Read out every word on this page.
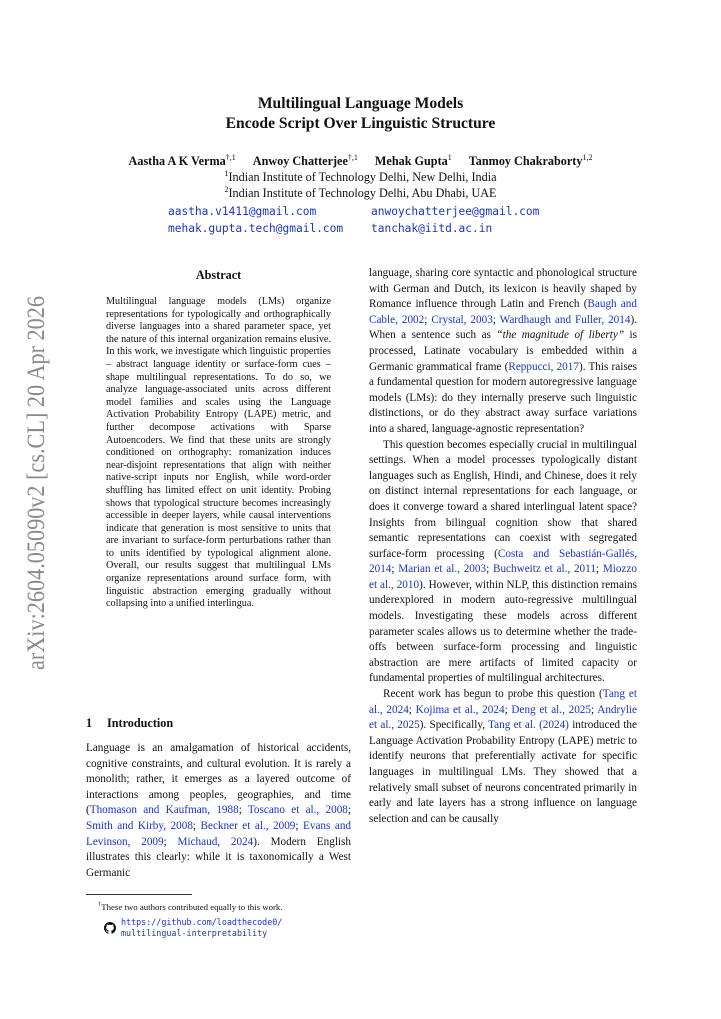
arXiv:2604.05090v2 [cs.CL] 20 Apr 2026
Multilingual Language Models
Encode Script Over Linguistic Structure
Aastha A K Verma$^{\dagger,1}$ Anwoy Chatterjee$^{\dagger,1}$ Mehak Gupta$^1$ Tanmoy Chakraborty$^{1,2}$
$^1$Indian Institute of Technology Delhi, New Delhi, India
$^2$Indian Institute of Technology Delhi, Abu Dhabi, UAE
aastha.v1411@gmail.com	anwoychatterjee@gmail.com
mehak.gupta.tech@gmail.com tanchak@iitd.ac.in
Abstract
Multilingual language models (LMs) organize representations for typologically and orthographically diverse languages into a shared parameter space, yet the nature of this internal organization remains elusive. In this work, we investigate which linguistic properties – abstract language identity or surface-form cues – shape multilingual representations. To do so, we analyze language-associated units across different model families and scales using the Language Activation Probability Entropy (LAPE) metric, and further decompose activations with Sparse Autoencoders. We find that these units are strongly conditioned on orthography: romanization induces near-disjoint representations that align with neither native-script inputs nor English, while word-order shuffling has limited effect on unit identity. Probing shows that typological structure becomes increasingly accessible in deeper layers, while causal interventions indicate that generation is most sensitive to units that are invariant to surface-form perturbations rather than to units identified by typological alignment alone. Overall, our results suggest that multilingual LMs organize representations around surface form, with linguistic abstraction emerging gradually without collapsing into a unified interlingua.
1 Introduction

Language is an amalgamation of historical accidents, cognitive constraints, and cultural evolution. It is rarely a monolith; rather, it emerges as a layered outcome of interactions among peoples, geographies, and time (Thomason and Kaufman, 1988; Toscano et al., 2008; Smith and Kirby, 2008; Beckner et al., 2009; Evans and Levinson, 2009; Michaud, 2024). Modern English illustrates this clearly: while it is taxonomically a West Germanic

language, sharing core syntactic and phonological structure with German and Dutch, its lexicon is heavily shaped by Romance influence through Latin and French (Baugh and Cable, 2002; Crystal, 2003; Wardhaugh and Fuller, 2014). When a sentence such as “the magnitude of liberty” is processed, Latinate vocabulary is embedded within a Germanic grammatical frame (Reppucci, 2017). This raises a fundamental question for modern autoregressive language models (LMs): do they internally preserve such linguistic distinctions, or do they abstract away surface variations into a shared, language-agnostic representation?

This question becomes especially crucial in multilingual settings. When a model processes typologically distant languages such as English, Hindi, and Chinese, does it rely on distinct internal representations for each language, or does it converge toward a shared interlingual latent space? Insights from bilingual cognition show that shared semantic representations can coexist with segregated surface-form processing (Costa and Sebastián-Gallés, 2014; Marian et al., 2003; Buchweitz et al., 2011; Miozzo et al., 2010). However, within NLP, this distinction remains underexplored in modern auto-regressive multilingual models. Investigating these models across different parameter scales allows us to determine whether the trade-offs between surface-form processing and linguistic abstraction are mere artifacts of limited capacity or fundamental properties of multilingual architectures.

Recent work has begun to probe this question (Tang et al., 2024; Kojima et al., 2024; Deng et al., 2025; Andrylie et al., 2025). Specifically, Tang et al. (2024) introduced the Language Activation Probability Entropy (LAPE) metric to identify neurons that preferentially activate for specific languages in multilingual LMs. They showed that a relatively small subset of neurons concentrated primarily in early and late layers has a strong influence on language selection and can be causally

†These two authors contributed equally to this work.
https://github.com/loadthecode0/
multilingual-interpretability
